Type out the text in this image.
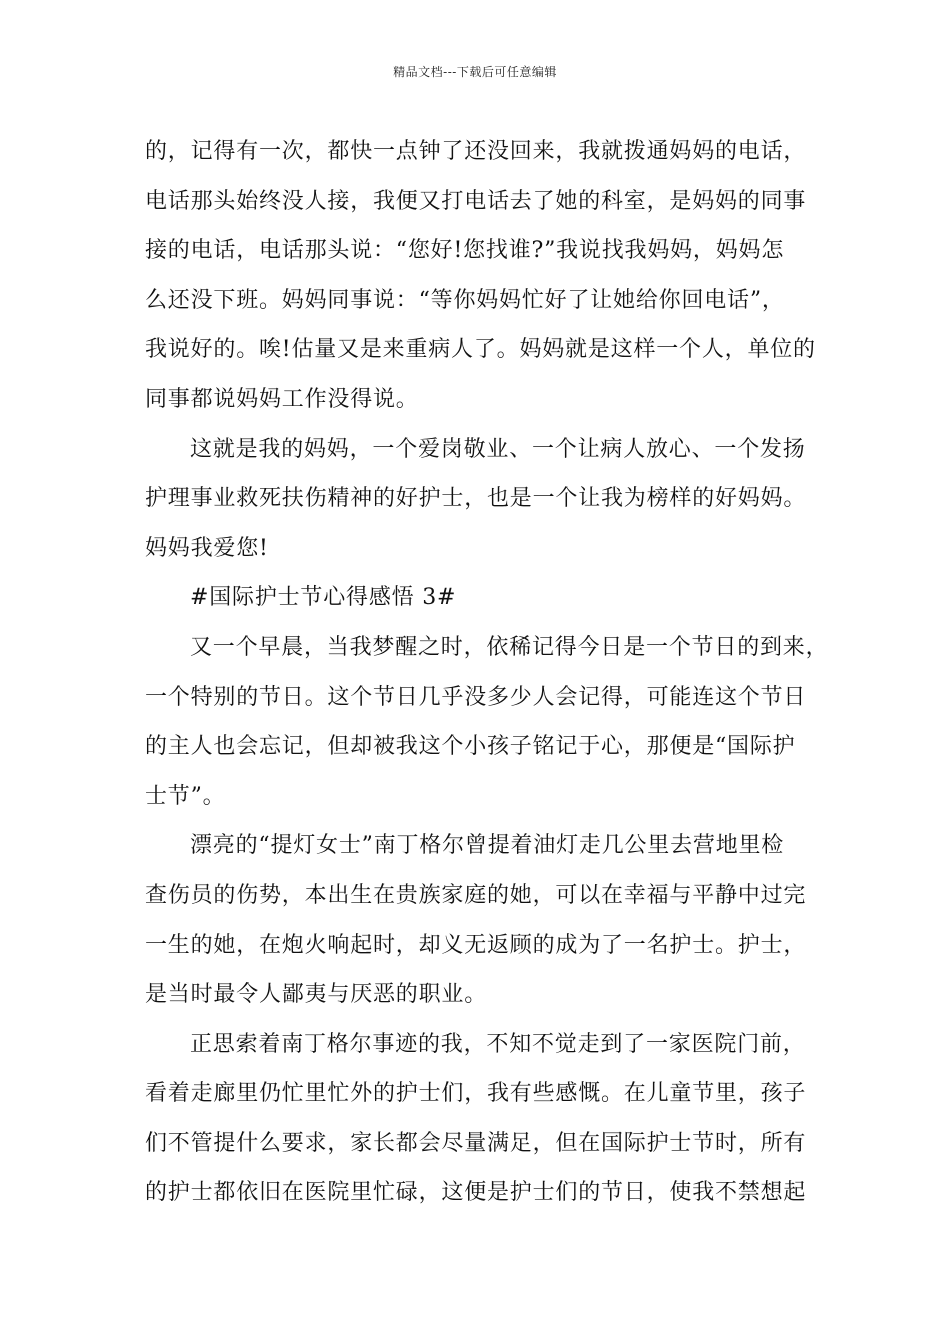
精品文档---下载后可任意编辑

的，记得有一次，都快一点钟了还没回来，我就拨通妈妈的电话，
电话那头始终没人接，我便又打电话去了她的科室，是妈妈的同事
接的电话，电话那头说：“您好!您找谁?”我说找我妈妈，妈妈怎
么还没下班。妈妈同事说：“等你妈妈忙好了让她给你回电话”，
我说好的。唉!估量又是来重病人了。妈妈就是这样一个人，单位的
同事都说妈妈工作没得说。

这就是我的妈妈，一个爱岗敬业、一个让病人放心、一个发扬
护理事业救死扶伤精神的好护士，也是一个让我为榜样的好妈妈。
妈妈我爱您!

#国际护士节心得感悟 3#

又一个早晨，当我梦醒之时，依稀记得今日是一个节日的到来，
一个特别的节日。这个节日几乎没多少人会记得，可能连这个节日
的主人也会忘记，但却被我这个小孩子铭记于心，那便是“国际护
士节”。

漂亮的“提灯女士”南丁格尔曾提着油灯走几公里去营地里检
查伤员的伤势，本出生在贵族家庭的她，可以在幸福与平静中过完
一生的她，在炮火响起时，却义无返顾的成为了一名护士。护士，
是当时最令人鄙夷与厌恶的职业。

正思索着南丁格尔事迹的我，不知不觉走到了一家医院门前，
看着走廊里仍忙里忙外的护士们，我有些感慨。在儿童节里，孩子
们不管提什么要求，家长都会尽量满足，但在国际护士节时，所有
的护士都依旧在医院里忙碌，这便是护士们的节日，使我不禁想起
